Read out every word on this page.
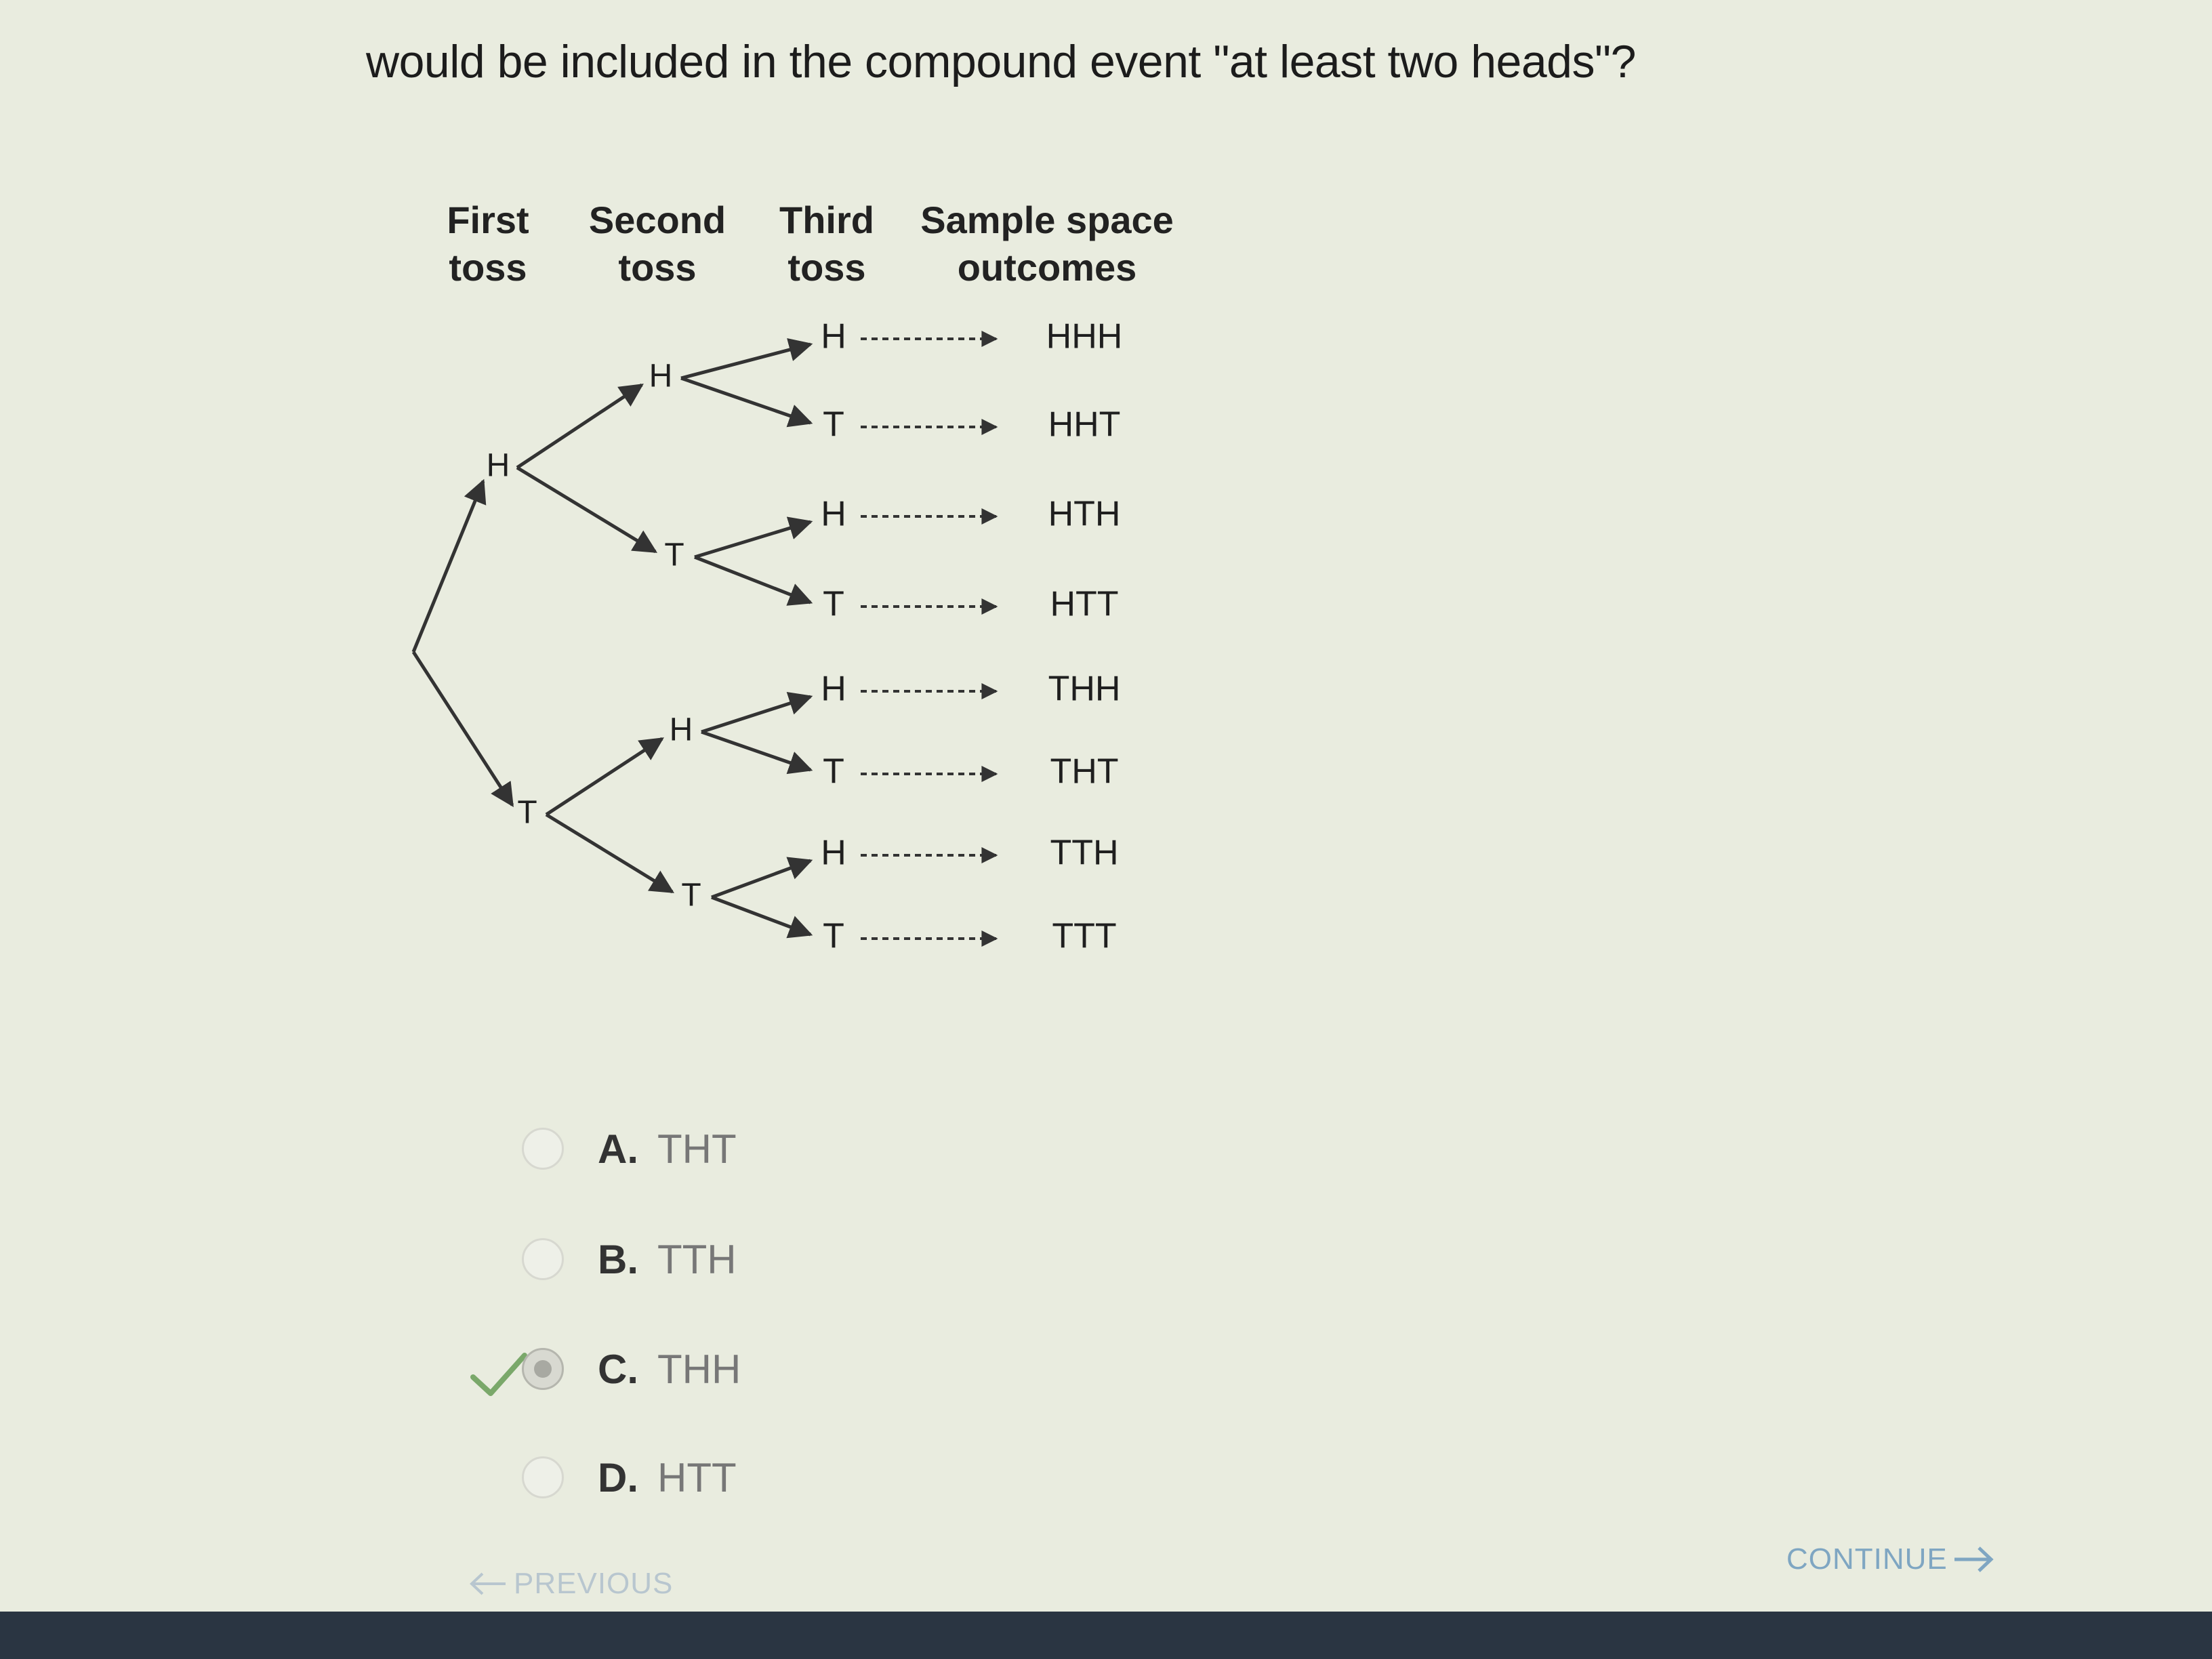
would be included in the compound event "at least two heads"?
First
toss
Second
toss
Third
toss
Sample space
outcomes
H
T
H
T
H
T
H	HHH
T	HHT
H	HTH
T	HTT
H	THH
T	THT
H	TTH
T	TTT
A. THT
B. TTH
C. THH
D. HTT
PREVIOUS
CONTINUE
